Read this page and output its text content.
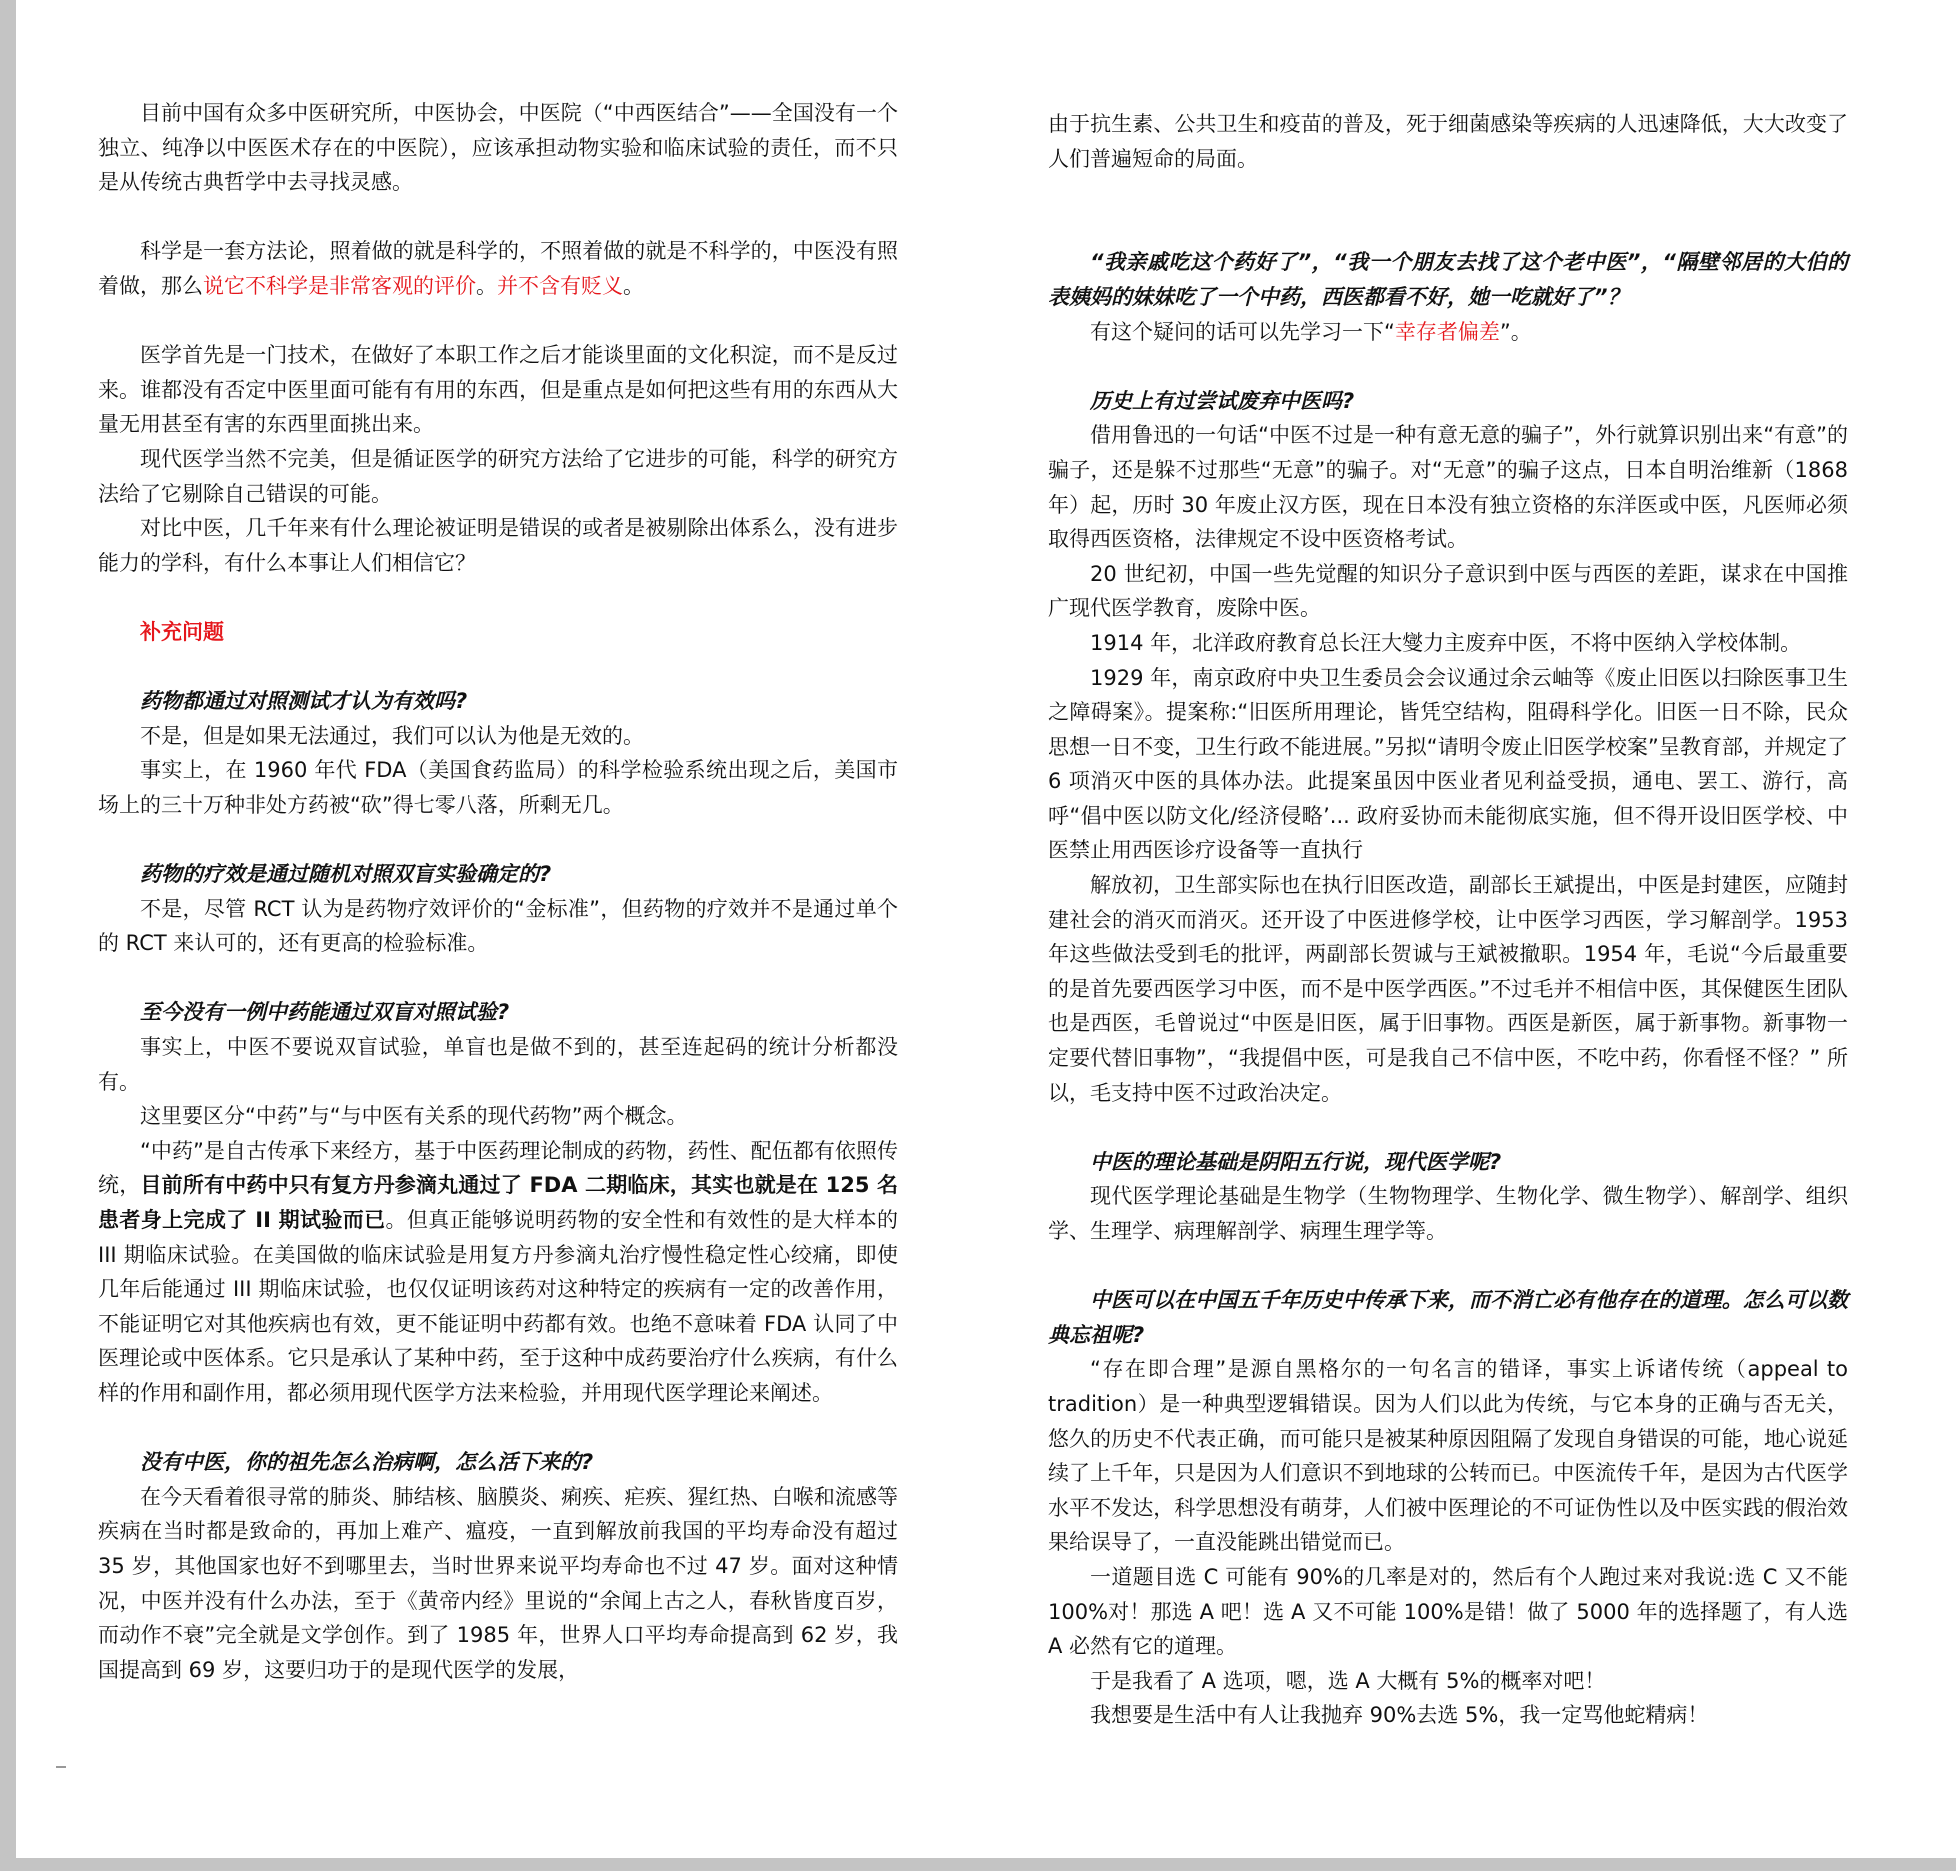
目前中国有众多中医研究所，中医协会，中医院（“中西医结合”——全国没有一个独立、纯净以中医医术存在的中医院），应该承担动物实验和临床试验的责任，而不只是从传统古典哲学中去寻找灵感。

科学是一套方法论，照着做的就是科学的，不照着做的就是不科学的，中医没有照着做，那么说它不科学是非常客观的评价。并不含有贬义。

医学首先是一门技术，在做好了本职工作之后才能谈里面的文化积淀，而不是反过来。谁都没有否定中医里面可能有有用的东西，但是重点是如何把这些有用的东西从大量无用甚至有害的东西里面挑出来。

现代医学当然不完美，但是循证医学的研究方法给了它进步的可能，科学的研究方法给了它剔除自己错误的可能。

对比中医，几千年来有什么理论被证明是错误的或者是被剔除出体系么，没有进步能力的学科，有什么本事让人们相信它？

补充问题

药物都通过对照测试才认为有效吗?

不是，但是如果无法通过，我们可以认为他是无效的。

事实上，在 1960 年代 FDA（美国食药监局）的科学检验系统出现之后，美国市场上的三十万种非处方药被“砍”得七零八落，所剩无几。

药物的疗效是通过随机对照双盲实验确定的?

不是，尽管 RCT 认为是药物疗效评价的“金标准”，但药物的疗效并不是通过单个的 RCT 来认可的，还有更高的检验标准。

至今没有一例中药能通过双盲对照试验?

事实上，中医不要说双盲试验，单盲也是做不到的，甚至连起码的统计分析都没有。

这里要区分“中药”与“与中医有关系的现代药物”两个概念。

“中药”是自古传承下来经方，基于中医药理论制成的药物，药性、配伍都有依照传统，目前所有中药中只有复方丹参滴丸通过了 FDA 二期临床，其实也就是在 125 名患者身上完成了 II 期试验而已。但真正能够说明药物的安全性和有效性的是大样本的 III 期临床试验。在美国做的临床试验是用复方丹参滴丸治疗慢性稳定性心绞痛，即使几年后能通过 III 期临床试验，也仅仅证明该药对这种特定的疾病有一定的改善作用，不能证明它对其他疾病也有效，更不能证明中药都有效。也绝不意味着 FDA 认同了中医理论或中医体系。它只是承认了某种中药，至于这种中成药要治疗什么疾病，有什么样的作用和副作用，都必须用现代医学方法来检验，并用现代医学理论来阐述。

没有中医，你的祖先怎么治病啊，怎么活下来的?

在今天看着很寻常的肺炎、肺结核、脑膜炎、痢疾、疟疾、猩红热、白喉和流感等疾病在当时都是致命的，再加上难产、瘟疫，一直到解放前我国的平均寿命没有超过 35 岁，其他国家也好不到哪里去，当时世界来说平均寿命也不过 47 岁。面对这种情况，中医并没有什么办法，至于《黄帝内经》里说的“余闻上古之人，春秋皆度百岁，而动作不衰”完全就是文学创作。到了 1985 年，世界人口平均寿命提高到 62 岁，我国提高到 69 岁，这要归功于的是现代医学的发展，

由于抗生素、公共卫生和疫苗的普及，死于细菌感染等疾病的人迅速降低，大大改变了人们普遍短命的局面。

“我亲戚吃这个药好了”，“我一个朋友去找了这个老中医”，“隔壁邻居的大伯的表姨妈的妹妹吃了一个中药，西医都看不好，她一吃就好了”？

有这个疑问的话可以先学习一下“幸存者偏差”。

历史上有过尝试废弃中医吗?

借用鲁迅的一句话“中医不过是一种有意无意的骗子”，外行就算识别出来“有意”的骗子，还是躲不过那些“无意”的骗子。对“无意”的骗子这点，日本自明治维新（1868 年）起，历时 30 年废止汉方医，现在日本没有独立资格的东洋医或中医，凡医师必须取得西医资格，法律规定不设中医资格考试。

20 世纪初，中国一些先觉醒的知识分子意识到中医与西医的差距，谋求在中国推广现代医学教育，废除中医。

1914 年，北洋政府教育总长汪大燮力主废弃中医，不将中医纳入学校体制。

1929 年，南京政府中央卫生委员会会议通过余云岫等《废止旧医以扫除医事卫生之障碍案》。提案称:“旧医所用理论，皆凭空结构，阻碍科学化。旧医一日不除，民众思想一日不变，卫生行政不能进展。”另拟“请明令废止旧医学校案”呈教育部，并规定了 6 项消灭中医的具体办法。此提案虽因中医业者见利益受损，通电、罢工、游行，高呼“倡中医以防文化/经济侵略’... 政府妥协而未能彻底实施，但不得开设旧医学校、中医禁止用西医诊疗设备等一直执行

解放初，卫生部实际也在执行旧医改造，副部长王斌提出，中医是封建医，应随封建社会的消灭而消灭。还开设了中医进修学校，让中医学习西医，学习解剖学。1953 年这些做法受到毛的批评，两副部长贺诚与王斌被撤职。1954 年，毛说“今后最重要的是首先要西医学习中医，而不是中医学西医。”不过毛并不相信中医，其保健医生团队也是西医，毛曾说过“中医是旧医，属于旧事物。西医是新医，属于新事物。新事物一定要代替旧事物”，“我提倡中医，可是我自己不信中医，不吃中药，你看怪不怪？” 所以，毛支持中医不过政治决定。

中医的理论基础是阴阳五行说，现代医学呢?

现代医学理论基础是生物学（生物物理学、生物化学、微生物学）、解剖学、组织学、生理学、病理解剖学、病理生理学等。

中医可以在中国五千年历史中传承下来，而不消亡必有他存在的道理。怎么可以数典忘祖呢?

“存在即合理”是源自黑格尔的一句名言的错译，事实上诉诸传统（appeal to tradition）是一种典型逻辑错误。因为人们以此为传统，与它本身的正确与否无关，悠久的历史不代表正确，而可能只是被某种原因阻隔了发现自身错误的可能，地心说延续了上千年，只是因为人们意识不到地球的公转而已。中医流传千年，是因为古代医学水平不发达，科学思想没有萌芽，人们被中医理论的不可证伪性以及中医实践的假治效果给误导了，一直没能跳出错觉而已。

一道题目选 C 可能有 90%的几率是对的，然后有个人跑过来对我说:选 C 又不能 100%对！那选 A 吧！选 A 又不可能 100%是错！做了 5000 年的选择题了，有人选 A 必然有它的道理。

于是我看了 A 选项，嗯，选 A 大概有 5%的概率对吧！

我想要是生活中有人让我抛弃 90%去选 5%，我一定骂他蛇精病！
